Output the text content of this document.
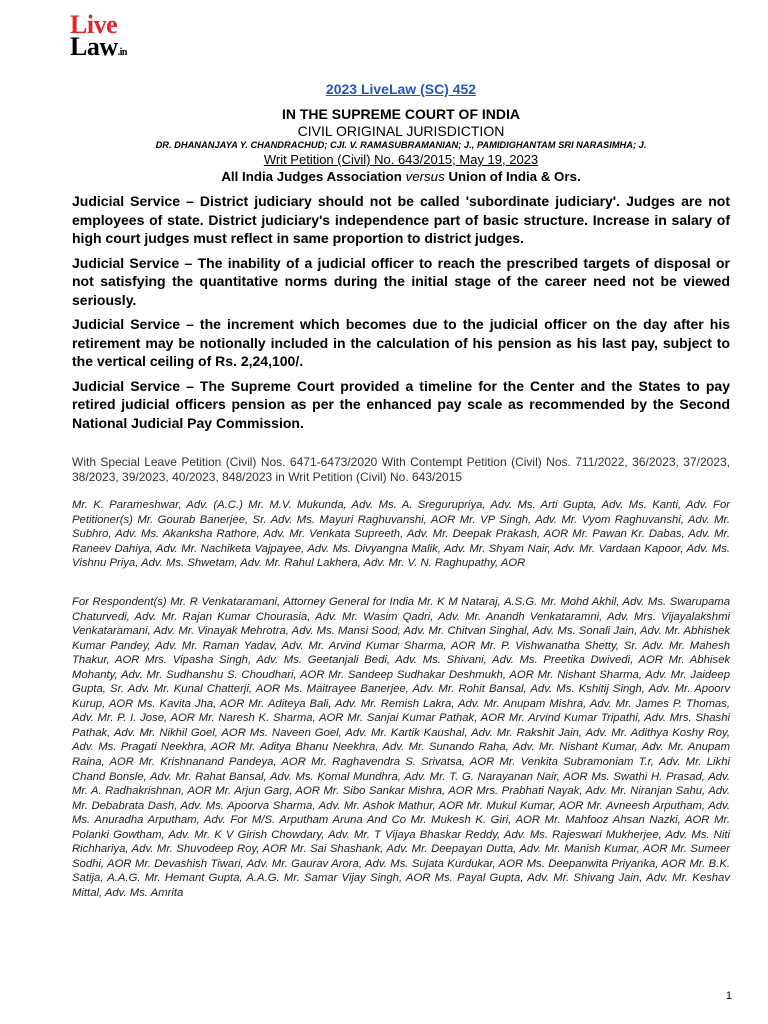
Live
Law.in
2023 LiveLaw (SC) 452
IN THE SUPREME COURT OF INDIA
CIVIL ORIGINAL JURISDICTION
DR. DHANANJAYA Y. CHANDRACHUD; CJI. V. RAMASUBRAMANIAN; J., PAMIDIGHANTAM SRI NARASIMHA; J.
Writ Petition (Civil) No. 643/2015; May 19, 2023
All India Judges Association versus Union of India & Ors.

Judicial Service – District judiciary should not be called 'subordinate judiciary'. Judges are not employees of state. District judiciary's independence part of basic structure. Increase in salary of high court judges must reflect in same proportion to district judges.

Judicial Service – The inability of a judicial officer to reach the prescribed targets of disposal or not satisfying the quantitative norms during the initial stage of the career need not be viewed seriously.

Judicial Service – the increment which becomes due to the judicial officer on the day after his retirement may be notionally included in the calculation of his pension as his last pay, subject to the vertical ceiling of Rs. 2,24,100/.

Judicial Service – The Supreme Court provided a timeline for the Center and the States to pay retired judicial officers pension as per the enhanced pay scale as recommended by the Second National Judicial Pay Commission.

With Special Leave Petition (Civil) Nos. 6471-6473/2020 With Contempt Petition (Civil) Nos. 711/2022, 36/2023, 37/2023, 38/2023, 39/2023, 40/2023, 848/2023 in Writ Petition (Civil) No. 643/2015
Mr. K. Parameshwar, Adv. (A.C.) Mr. M.V. Mukunda, Adv. Ms. A. Sregurupriya, Adv. Ms. Arti Gupta, Adv. Ms. Kanti, Adv. For Petitioner(s) Mr. Gourab Banerjee, Sr. Adv. Ms. Mayuri Raghuvanshi, AOR Mr. VP Singh, Adv. Mr. Vyom Raghuvanshi, Adv. Mr. Subhro, Adv. Ms. Akanksha Rathore, Adv. Mr. Venkata Supreeth, Adv. Mr. Deepak Prakash, AOR Mr. Pawan Kr. Dabas, Adv. Mr. Raneev Dahiya, Adv. Mr. Nachiketa Vajpayee, Adv. Ms. Divyangna Malik, Adv. Mr. Shyam Nair, Adv. Mr. Vardaan Kapoor, Adv. Ms. Vishnu Priya, Adv. Ms. Shwetam, Adv. Mr. Rahul Lakhera, Adv. Mr. V. N. Raghupathy, AOR
For Respondent(s) Mr. R Venkataramani, Attorney General for India Mr. K M Nataraj, A.S.G. Mr. Mohd Akhil, Adv. Ms. Swarupama Chaturvedi, Adv. Mr. Rajan Kumar Chourasia, Adv. Mr. Wasim Qadri, Adv. Mr. Anandh Venkataramni, Adv. Mrs. Vijayalakshmi Venkataramani, Adv. Mr. Vinayak Mehrotra, Adv. Ms. Mansi Sood, Adv. Mr. Chitvan Singhal, Adv. Ms. Sonali Jain, Adv. Mr. Abhishek Kumar Pandey, Adv. Mr. Raman Yadav, Adv. Mr. Arvind Kumar Sharma, AOR Mr. P. Vishwanatha Shetty, Sr. Adv. Mr. Mahesh Thakur, AOR Mrs. Vipasha Singh, Adv. Ms. Geetanjali Bedi, Adv. Ms. Shivani, Adv. Ms. Preetika Dwivedi, AOR Mr. Abhisek Mohanty, Adv. Mr. Sudhanshu S. Choudhari, AOR Mr. Sandeep Sudhakar Deshmukh, AOR Mr. Nishant Sharma, Adv. Mr. Jaideep Gupta, Sr. Adv. Mr. Kunal Chatterji, AOR Ms. Maitrayee Banerjee, Adv. Mr. Rohit Bansal, Adv. Ms. Kshitij Singh, Adv. Mr. Apoorv Kurup, AOR Ms. Kavita Jha, AOR Mr. Aditeya Bali, Adv. Mr. Remish Lakra, Adv. Mr. Anupam Mishra, Adv. Mr. James P. Thomas, Adv. Mr. P. I. Jose, AOR Mr. Naresh K. Sharma, AOR Mr. Sanjai Kumar Pathak, AOR Mr. Arvind Kumar Tripathi, Adv. Mrs. Shashi Pathak, Adv. Mr. Nikhil Goel, AOR Ms. Naveen Goel, Adv. Mr. Kartik Kaushal, Adv. Mr. Rakshit Jain, Adv. Mr. Adithya Koshy Roy, Adv. Ms. Pragati Neekhra, AOR Mr. Aditya Bhanu Neekhra, Adv. Mr. Sunando Raha, Adv. Mr. Nishant Kumar, Adv. Mr. Anupam Raina, AOR Mr. Krishnanand Pandeya, AOR Mr. Raghavendra S. Srivatsa, AOR Mr. Venkita Subramoniam T.r, Adv. Mr. Likhi Chand Bonsle, Adv. Mr. Rahat Bansal, Adv. Ms. Komal Mundhra, Adv. Mr. T. G. Narayanan Nair, AOR Ms. Swathi H. Prasad, Adv. Mr. A. Radhakrishnan, AOR Mr. Arjun Garg, AOR Mr. Sibo Sankar Mishra, AOR Mrs. Prabhati Nayak, Adv. Mr. Niranjan Sahu, Adv. Mr. Debabrata Dash, Adv. Ms. Apoorva Sharma, Adv. Mr. Ashok Mathur, AOR Mr. Mukul Kumar, AOR Mr. Avneesh Arputham, Adv. Ms. Anuradha Arputham, Adv. For M/S. Arputham Aruna And Co Mr. Mukesh K. Giri, AOR Mr. Mahfooz Ahsan Nazki, AOR Mr. Polanki Gowtham, Adv. Mr. K V Girish Chowdary, Adv. Mr. T Vijaya Bhaskar Reddy, Adv. Ms. Rajeswari Mukherjee, Adv. Ms. Niti Richhariya, Adv. Mr. Shuvodeep Roy, AOR Mr. Sai Shashank, Adv. Mr. Deepayan Dutta, Adv. Mr. Manish Kumar, AOR Mr. Sumeer Sodhi, AOR Mr. Devashish Tiwari, Adv. Mr. Gaurav Arora, Adv. Ms. Sujata Kurdukar, AOR Ms. Deepanwita Priyanka, AOR Mr. B.K. Satija, A.A.G. Mr. Hemant Gupta, A.A.G. Mr. Samar Vijay Singh, AOR Ms. Payal Gupta, Adv. Mr. Shivang Jain, Adv. Mr. Keshav Mittal, Adv. Ms. Amrita
1
